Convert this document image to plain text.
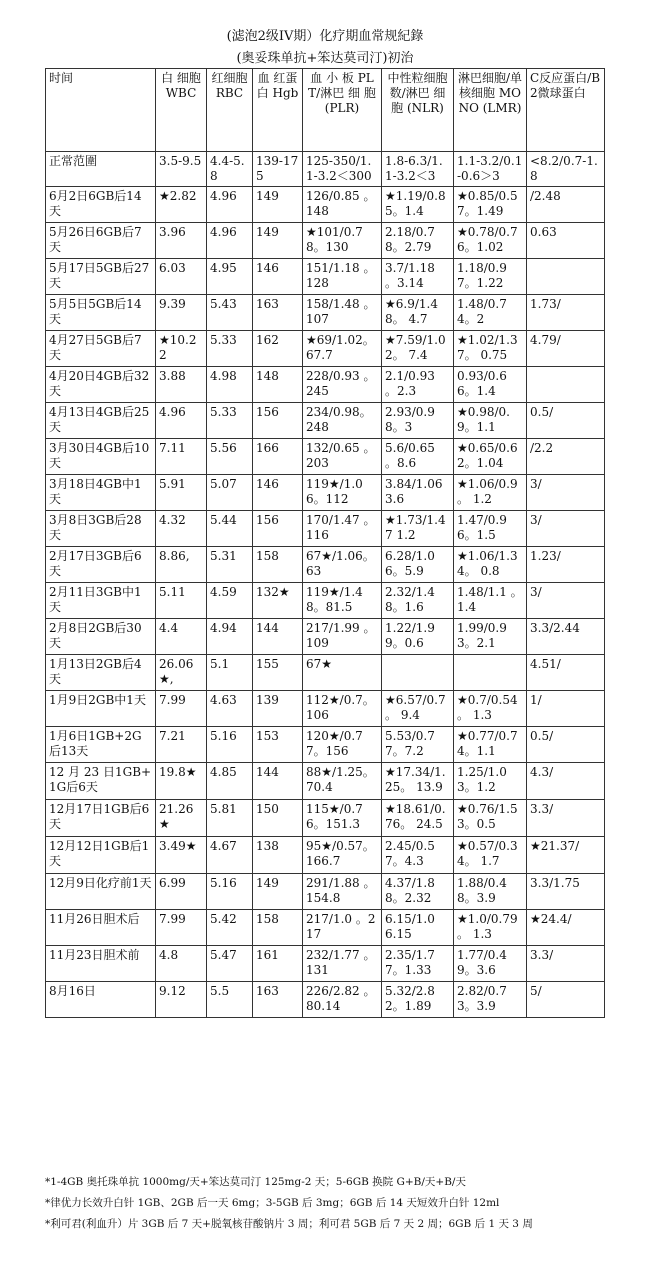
(滤泡2级IV期）化疗期血常规紀錄
(奥妥珠单抗+笨达莫司汀)初治
时间	白 细胞 WBC	红细胞 RBC	血 红蛋 白 Hgb	血 小 板 PLT/淋巴 细 胞 (PLR)	中性粒细胞数/淋巴 细 胞 (NLR)	淋巴细胞/单核细胞 MONO (LMR)	C反应蛋白/B2微球蛋白
正常范圍	3.5-9.5	4.4-5.8	139-175	125-350/1.1-3.2＜300	1.8-6.3/1.1-3.2＜3	1.1-3.2/0.1-0.6＞3	<8.2/0.7-1.8
6月2日6GB后14天	★2.82	4.96	149	126/0.85 。148	★1.19/0.85。1.4	★0.85/0.57。1.49	/2.48
5月26日6GB后7天	3.96	4.96	149	★101/0.78。130	2.18/0.78。2.79	★0.78/0.76。1.02	0.63
5月17日5GB后27天	6.03	4.95	146	151/1.18 。128	3.7/1.18 。3.14	1.18/0.97。1.22	
5月5日5GB后14天	9.39	5.43	163	158/1.48 。107	★6.9/1.48。 4.7	1.48/0.74。2	1.73/
4月27日5GB后7天	★10.22	5.33	162	★69/1.02。67.7	★7.59/1.02。 7.4	★1.02/1.37。 0.75	4.79/
4月20日4GB后32天	3.88	4.98	148	228/0.93 。245	2.1/0.93 。2.3	0.93/0.66。1.4	
4月13日4GB后25天	4.96	5.33	156	234/0.98。248	2.93/0.98。3	★0.98/0.9。1.1	0.5/
3月30日4GB后10天	7.11	5.56	166	132/0.65 。203	5.6/0.65 。8.6	★0.65/0.62。1.04	/2.2
3月18日4GB中1天	5.91	5.07	146	119★/1.06。112	3.84/1.06 3.6	★1.06/0.9 。 1.2	3/
3月8日3GB后28天	4.32	5.44	156	170/1.47 。116	★1.73/1.47 1.2	1.47/0.96。1.5	3/
2月17日3GB后6天	8.86,	5.31	158	67★/1.06。63	6.28/1.06。5.9	★1.06/1.34。 0.8	1.23/
2月11日3GB中1天	5.11	4.59	132★	119★/1.48。81.5	2.32/1.48。1.6	1.48/1.1 。1.4	3/
2月8日2GB后30天	4.4	4.94	144	217/1.99 。109	1.22/1.99。0.6	1.99/0.93。2.1	3.3/2.44
1月13日2GB后4天	26.06★,	5.1	155	67★			4.51/
1月9日2GB中1天	7.99	4.63	139	112★/0.7。106	★6.57/0.7 。 9.4	★0.7/0.54 。 1.3	1/
1月6日1GB+2G后13天	7.21	5.16	153	120★/0.77。156	5.53/0.77。7.2	★0.77/0.74。1.1	0.5/
12 月 23 日1GB+1G后6天	19.8★	4.85	144	88★/1.25。70.4	★17.34/1.25。 13.9	1.25/1.03。1.2	4.3/
12月17日1GB后6天	21.26★	5.81	150	115★/0.76。151.3	★18.61/0.76。 24.5	★0.76/1.53。0.5	3.3/
12月12日1GB后1天	3.49★	4.67	138	95★/0.57。166.7	2.45/0.57。4.3	★0.57/0.34。 1.7	★21.37/
12月9日化疗前1天	6.99	5.16	149	291/1.88 。154.8	4.37/1.88。2.32	1.88/0.48。3.9	3.3/1.75
11月26日胆术后	7.99	5.42	158	217/1.0 。217	6.15/1.0 6.15	★1.0/0.79 。 1.3	★24.4/
11月23日胆术前	4.8	5.47	161	232/1.77 。131	2.35/1.77。1.33	1.77/0.49。3.6	3.3/
8月16日	9.12	5.5	163	226/2.82 。80.14	5.32/2.82。1.89	2.82/0.73。3.9	5/
*1-4GB 奥托珠单抗 1000mg/天+笨达莫司汀 125mg-2 天；5-6GB 换院 G+B/天+B/天
*律优力长效升白针 1GB、2GB 后一天 6mg；3-5GB 后 3mg；6GB 后 14 天短效升白针 12ml
*利可君(利血升）片 3GB 后 7 天+脱氧核苷酸钠片 3 周；利可君 5GB 后 7 天 2 周；6GB 后 1 天 3 周
